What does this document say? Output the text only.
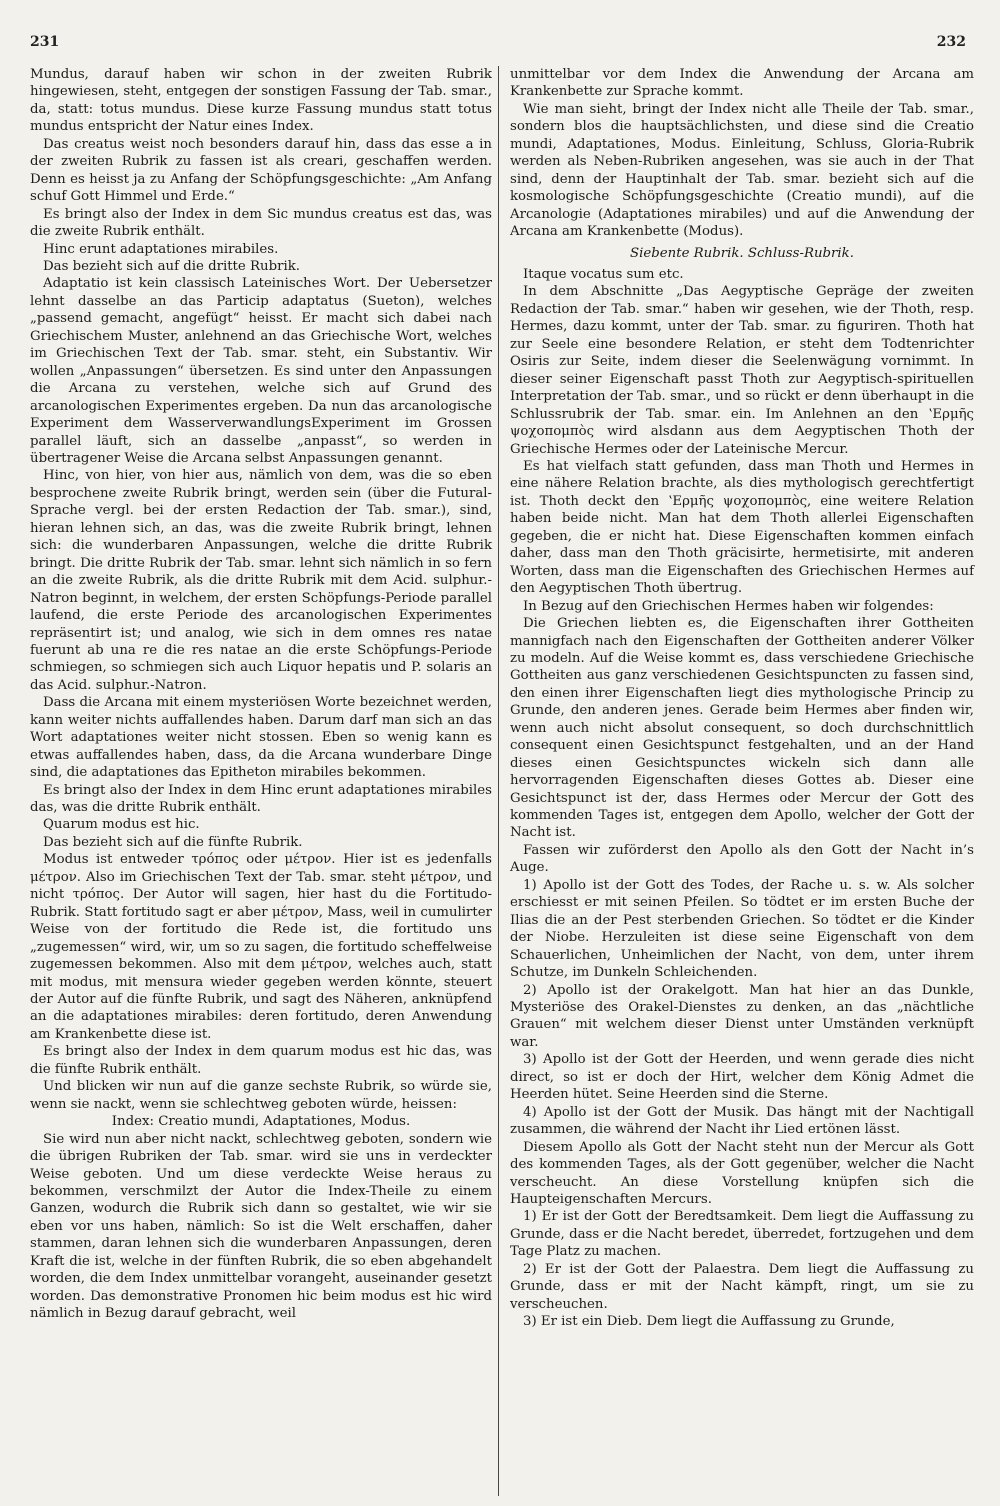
231	232

Mundus, darauf haben wir schon in der zweiten Rubrik hingewiesen, steht, entgegen der sonstigen Fassung der Tab. smar., da, statt: totus mundus. Diese kurze Fassung mundus statt totus mundus entspricht der Natur eines Index.

Das creatus weist noch besonders darauf hin, dass das esse a in der zweiten Rubrik zu fassen ist als creari, geschaffen werden. Denn es heisst ja zu Anfang der Schöpfungsgeschichte: „Am Anfang schuf Gott Himmel und Erde.“

Es bringt also der Index in dem Sic mundus creatus est das, was die zweite Rubrik enthält.

Hinc erunt adaptationes mirabiles.

Das bezieht sich auf die dritte Rubrik.

Adaptatio ist kein classisch Lateinisches Wort. Der Uebersetzer lehnt dasselbe an das Particip adaptatus (Sueton), welches „passend gemacht, angefügt“ heisst. Er macht sich dabei nach Griechischem Muster, anlehnend an das Griechische Wort, welches im Griechischen Text der Tab. smar. steht, ein Substantiv. Wir wollen „Anpassungen“ übersetzen. Es sind unter den Anpassungen die Arcana zu verstehen, welche sich auf Grund des arcanologischen Experimentes ergeben. Da nun das arcanologische Experiment dem WasserverwandlungsExperiment im Grossen parallel läuft, sich an dasselbe „anpasst“, so werden in übertragener Weise die Arcana selbst Anpassungen genannt.

Hinc, von hier, von hier aus, nämlich von dem, was die so eben besprochene zweite Rubrik bringt, werden sein (über die Futural-Sprache vergl. bei der ersten Redaction der Tab. smar.), sind, hieran lehnen sich, an das, was die zweite Rubrik bringt, lehnen sich: die wunderbaren Anpassungen, welche die dritte Rubrik bringt. Die dritte Rubrik der Tab. smar. lehnt sich nämlich in so fern an die zweite Rubrik, als die dritte Rubrik mit dem Acid. sulphur.-Natron beginnt, in welchem, der ersten Schöpfungs-Periode parallel laufend, die erste Periode des arcanologischen Experimentes repräsentirt ist; und analog, wie sich in dem omnes res natae fuerunt ab una re die res natae an die erste Schöpfungs-Periode schmiegen, so schmiegen sich auch Liquor hepatis und P. solaris an das Acid. sulphur.-Natron.

Dass die Arcana mit einem mysteriösen Worte bezeichnet werden, kann weiter nichts auffallendes haben. Darum darf man sich an das Wort adaptationes weiter nicht stossen. Eben so wenig kann es etwas auffallendes haben, dass, da die Arcana wunderbare Dinge sind, die adaptationes das Epitheton mirabiles bekommen.

Es bringt also der Index in dem Hinc erunt adaptationes mirabiles das, was die dritte Rubrik enthält.

Quarum modus est hic.

Das bezieht sich auf die fünfte Rubrik.

Modus ist entweder τρόπος oder μέτρον. Hier ist es jedenfalls μέτρον. Also im Griechischen Text der Tab. smar. steht μέτρον, und nicht τρόπος. Der Autor will sagen, hier hast du die Fortitudo-Rubrik. Statt fortitudo sagt er aber μέτρον, Mass, weil in cumulirter Weise von der fortitudo die Rede ist, die fortitudo uns „zugemessen“ wird, wir, um so zu sagen, die fortitudo scheffelweise zugemessen bekommen. Also mit dem μέτρον, welches auch, statt mit modus, mit mensura wieder gegeben werden könnte, steuert der Autor auf die fünfte Rubrik, und sagt des Näheren, anknüpfend an die adaptationes mirabiles: deren fortitudo, deren Anwendung am Krankenbette diese ist.

Es bringt also der Index in dem quarum modus est hic das, was die fünfte Rubrik enthält.

Und blicken wir nun auf die ganze sechste Rubrik, so würde sie, wenn sie nackt, wenn sie schlechtweg geboten würde, heissen:

Index: Creatio mundi, Adaptationes, Modus.

Sie wird nun aber nicht nackt, schlechtweg geboten, sondern wie die übrigen Rubriken der Tab. smar. wird sie uns in verdeckter Weise geboten. Und um diese verdeckte Weise heraus zu bekommen, verschmilzt der Autor die Index-Theile zu einem Ganzen, wodurch die Rubrik sich dann so gestaltet, wie wir sie eben vor uns haben, nämlich: So ist die Welt erschaffen, daher stammen, daran lehnen sich die wunderbaren Anpassungen, deren Kraft die ist, welche in der fünften Rubrik, die so eben abgehandelt worden, die dem Index unmittelbar vorangeht, auseinander gesetzt worden. Das demonstrative Pronomen hic beim modus est hic wird nämlich in Bezug darauf gebracht, weil

unmittelbar vor dem Index die Anwendung der Arcana am Krankenbette zur Sprache kommt.

Wie man sieht, bringt der Index nicht alle Theile der Tab. smar., sondern blos die hauptsächlichsten, und diese sind die Creatio mundi, Adaptationes, Modus. Einleitung, Schluss, Gloria-Rubrik werden als Neben-Rubriken angesehen, was sie auch in der That sind, denn der Hauptinhalt der Tab. smar. bezieht sich auf die kosmologische Schöpfungsgeschichte (Creatio mundi), auf die Arcanologie (Adaptationes mirabiles) und auf die Anwendung der Arcana am Krankenbette (Modus).

Siebente Rubrik. Schluss-Rubrik.

Itaque vocatus sum etc.

In dem Abschnitte „Das Aegyptische Gepräge der zweiten Redaction der Tab. smar.“ haben wir gesehen, wie der Thoth, resp. Hermes, dazu kommt, unter der Tab. smar. zu figuriren. Thoth hat zur Seele eine besondere Relation, er steht dem Todtenrichter Osiris zur Seite, indem dieser die Seelenwägung vornimmt. In dieser seiner Eigenschaft passt Thoth zur Aegyptisch-spirituellen Interpretation der Tab. smar., und so rückt er denn überhaupt in die Schlussrubrik der Tab. smar. ein. Im Anlehnen an den ʽΕρμῆς ψοχοπομπὸς wird alsdann aus dem Aegyptischen Thoth der Griechische Hermes oder der Lateinische Mercur.

Es hat vielfach statt gefunden, dass man Thoth und Hermes in eine nähere Relation brachte, als dies mythologisch gerechtfertigt ist. Thoth deckt den ʽΕρμῆς ψοχοπομπὸς, eine weitere Relation haben beide nicht. Man hat dem Thoth allerlei Eigenschaften gegeben, die er nicht hat. Diese Eigenschaften kommen einfach daher, dass man den Thoth gräcisirte, hermetisirte, mit anderen Worten, dass man die Eigenschaften des Griechischen Hermes auf den Aegyptischen Thoth übertrug.

In Bezug auf den Griechischen Hermes haben wir folgendes:

Die Griechen liebten es, die Eigenschaften ihrer Gottheiten mannigfach nach den Eigenschaften der Gottheiten anderer Völker zu modeln. Auf die Weise kommt es, dass verschiedene Griechische Gottheiten aus ganz verschiedenen Gesichtspuncten zu fassen sind, den einen ihrer Eigenschaften liegt dies mythologische Princip zu Grunde, den anderen jenes. Gerade beim Hermes aber finden wir, wenn auch nicht absolut consequent, so doch durchschnittlich consequent einen Gesichtspunct festgehalten, und an der Hand dieses einen Gesichtspunctes wickeln sich dann alle hervorragenden Eigenschaften dieses Gottes ab. Dieser eine Gesichtspunct ist der, dass Hermes oder Mercur der Gott des kommenden Tages ist, entgegen dem Apollo, welcher der Gott der Nacht ist.

Fassen wir zuförderst den Apollo als den Gott der Nacht in’s Auge.

1) Apollo ist der Gott des Todes, der Rache u. s. w. Als solcher erschiesst er mit seinen Pfeilen. So tödtet er im ersten Buche der Ilias die an der Pest sterbenden Griechen. So tödtet er die Kinder der Niobe. Herzuleiten ist diese seine Eigenschaft von dem Schauerlichen, Unheimlichen der Nacht, von dem, unter ihrem Schutze, im Dunkeln Schleichenden.

2) Apollo ist der Orakelgott. Man hat hier an das Dunkle, Mysteriöse des Orakel-Dienstes zu denken, an das „nächtliche Grauen“ mit welchem dieser Dienst unter Umständen verknüpft war.

3) Apollo ist der Gott der Heerden, und wenn gerade dies nicht direct, so ist er doch der Hirt, welcher dem König Admet die Heerden hütet. Seine Heerden sind die Sterne.

4) Apollo ist der Gott der Musik. Das hängt mit der Nachtigall zusammen, die während der Nacht ihr Lied ertönen lässt.

Diesem Apollo als Gott der Nacht steht nun der Mercur als Gott des kommenden Tages, als der Gott gegenüber, welcher die Nacht verscheucht. An diese Vorstellung knüpfen sich die Haupteigenschaften Mercurs.

1) Er ist der Gott der Beredtsamkeit. Dem liegt die Auffassung zu Grunde, dass er die Nacht beredet, überredet, fortzugehen und dem Tage Platz zu machen.

2) Er ist der Gott der Palaestra. Dem liegt die Auffassung zu Grunde, dass er mit der Nacht kämpft, ringt, um sie zu verscheuchen.

3) Er ist ein Dieb. Dem liegt die Auffassung zu Grunde,
